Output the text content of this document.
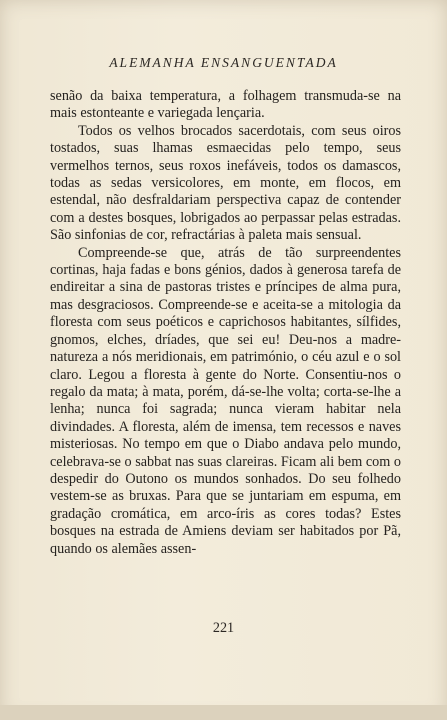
ALEMANHA ENSANGUENTADA

senão da baixa temperatura, a folhagem transmuda-se na mais estonteante e variegada lençaria.

Todos os velhos brocados sacerdotais, com seus oiros tostados, suas lhamas esmaecidas pelo tempo, seus vermelhos ternos, seus roxos inefáveis, todos os damascos, todas as sedas versicolores, em monte, em flocos, em estendal, não desfraldariam perspectiva capaz de contender com a destes bosques, lobrigados ao perpassar pelas estradas. São sinfonias de cor, refractárias à paleta mais sensual.

Compreende-se que, atrás de tão surpreendentes cortinas, haja fadas e bons génios, dados à generosa tarefa de endireitar a sina de pastoras tristes e príncipes de alma pura, mas desgraciosos. Compreende-se e aceita-se a mitologia da floresta com seus poéticos e caprichosos habitantes, sílfides, gnomos, elches, dríades, que sei eu! Deu-nos a madre-natureza a nós meridionais, em património, o céu azul e o sol claro. Legou a floresta à gente do Norte. Consentiu-nos o regalo da mata; à mata, porém, dá-se-lhe volta; corta-se-lhe a lenha; nunca foi sagrada; nunca vieram habitar nela divindades. A floresta, além de imensa, tem recessos e naves misteriosas. No tempo em que o Diabo andava pelo mundo, celebrava-se o sabbat nas suas clareiras. Ficam ali bem com o despedir do Outono os mundos sonhados. Do seu folhedo vestem-se as bruxas. Para que se juntariam em espuma, em gradação cromática, em arco-íris as cores todas? Estes bosques na estrada de Amiens deviam ser habitados por Pã, quando os alemães assen-

221
